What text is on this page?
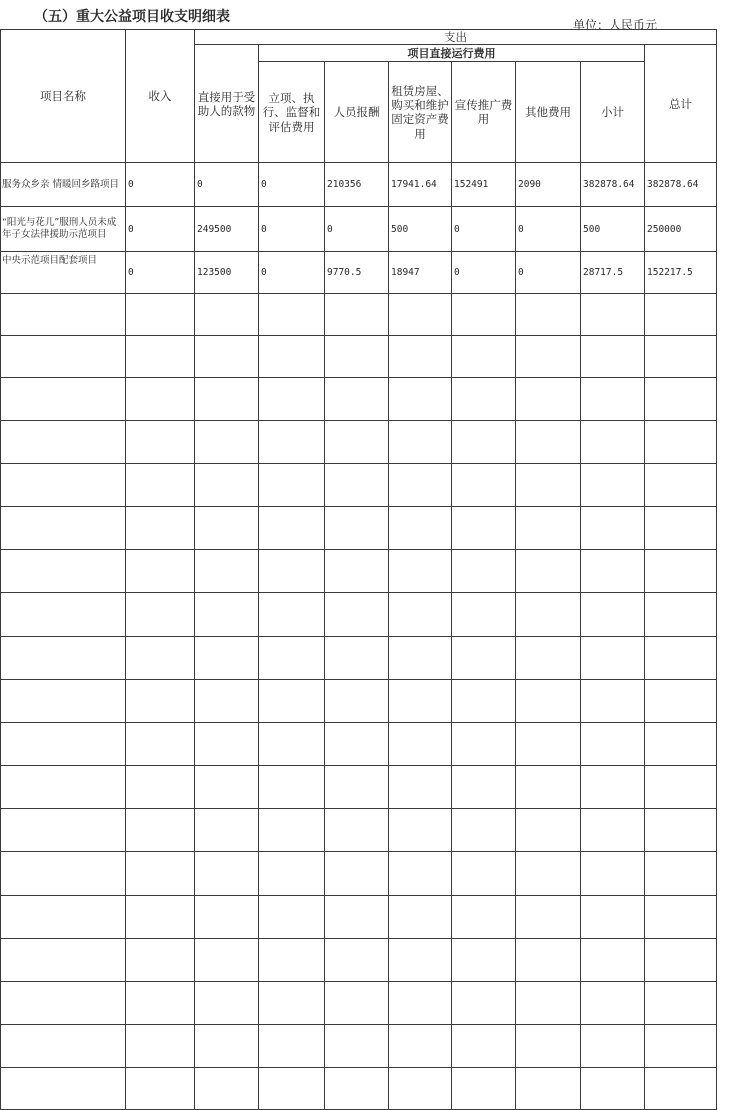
（五）重大公益项目收支明细表	单位：人民币元
项目名称	收入	支出							
		直接用于受助人的款物	项目直接运行费用						总计
			立项、执行、监督和评估费用	人员报酬	租赁房屋、购买和维护固定资产费用	宣传推广费用	其他费用	小计	
服务众乡亲 情暖回乡路项目	0	0	0	210356	17941.64	152491	2090	382878.64	382878.64
“阳光与花儿”服刑人员未成年子女法律援助示范项目	0	249500	0	0	500	0	0	500	250000
中央示范项目配套项目	0	123500	0	9770.5	18947	0	0	28717.5	152217.5
